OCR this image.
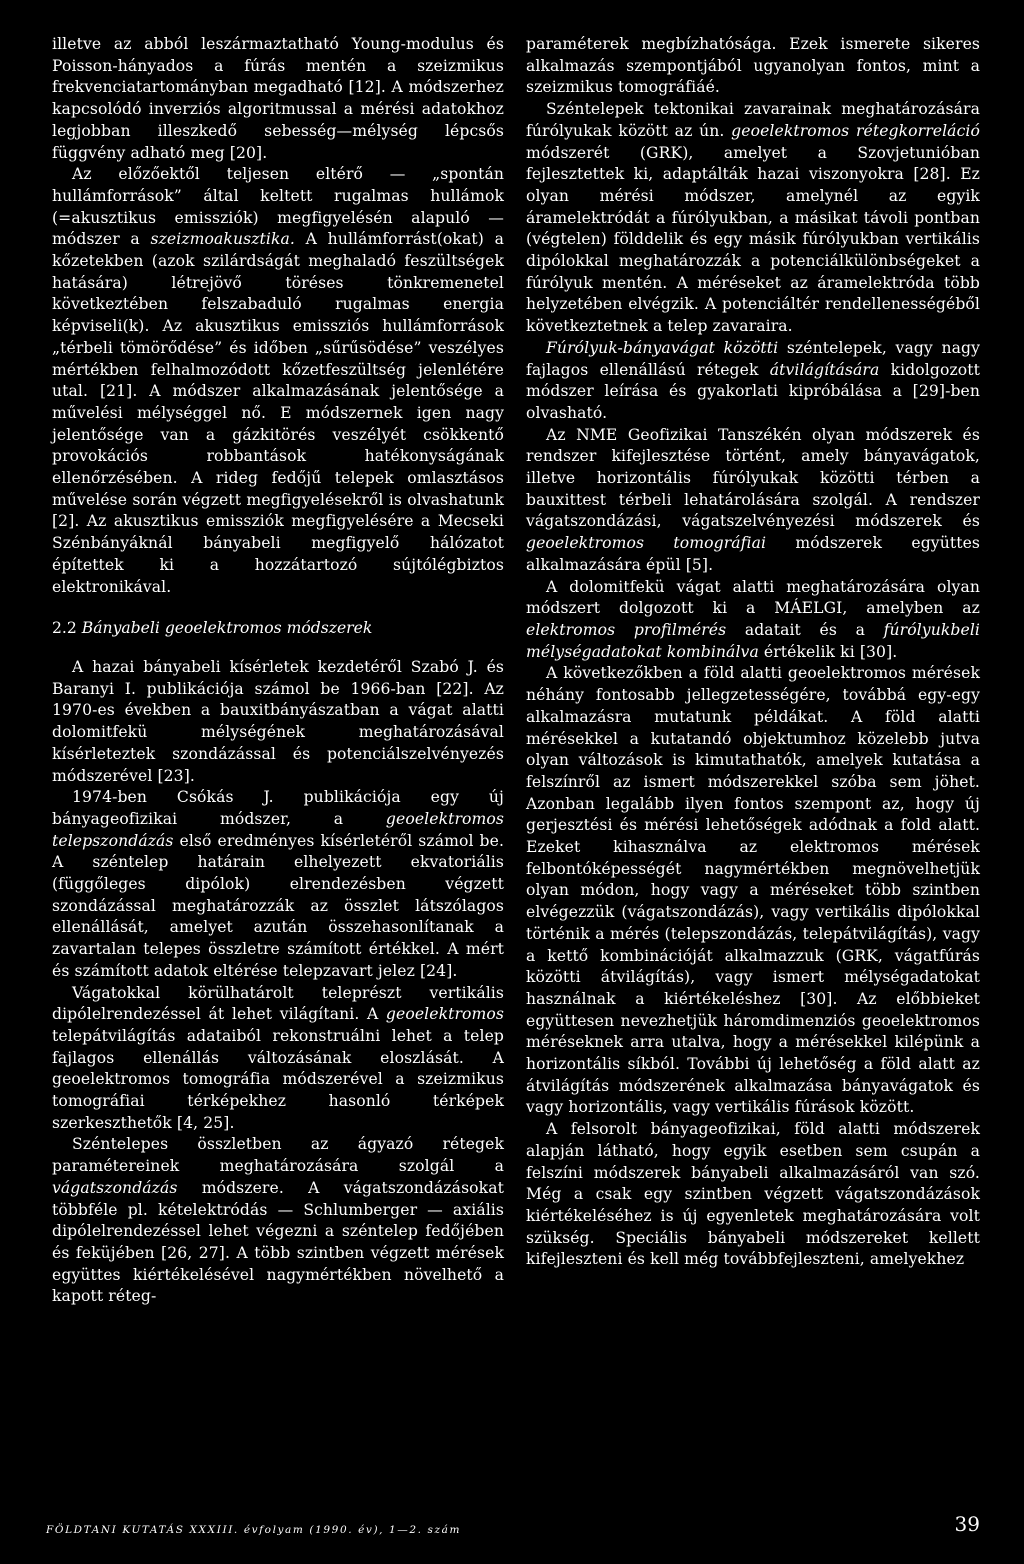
illetve az abból leszármaztatható Young-modulus és Poisson-hányados a fúrás mentén a szeizmikus frekvenciatartományban megadható [12]. A módszerhez kapcsolódó inverziós algoritmussal a mérési adatokhoz legjobban illeszkedő sebesség—mélység lépcsős függvény adható meg [20].

Az előzőektől teljesen eltérő — „spontán hullámforrások” által keltett rugalmas hullámok (=akusztikus emissziók) megfigyelésén alapuló — módszer a szeizmoakusztika. A hullámforrást(okat) a kőzetekben (azok szilárdságát meghaladó feszültségek hatására) létrejövő töréses tönkremenetel következtében felszabaduló rugalmas energia képviseli(k). Az akusztikus emissziós hullámforrások „térbeli tömörődése” és időben „sűrűsödése” veszélyes mértékben felhalmozódott kőzetfeszültség jelenlétére utal. [21]. A módszer alkalmazásának jelentősége a művelési mélységgel nő. E módszernek igen nagy jelentősége van a gázkitörés veszélyét csökkentő provokációs robbantások hatékonyságának ellenőrzésében. A rideg fedőjű telepek omlasztásos művelése során végzett megfigyelésekről is olvashatunk [2]. Az akusztikus emissziók megfigyelésére a Mecseki Szénbányáknál bányabeli megfigyelő hálózatot építettek ki a hozzátartozó sújtólégbiztos elektronikával.

2.2 Bányabeli geoelektromos módszerek

A hazai bányabeli kísérletek kezdetéről Szabó J. és Baranyi I. publikációja számol be 1966-ban [22]. Az 1970-es években a bauxitbányászatban a vágat alatti dolomitfekü mélységének meghatározásával kísérleteztek szondázással és potenciálszelvényezés módszerével [23].

1974-ben Csókás J. publikációja egy új bányageofizikai módszer, a geoelektromos telepszondázás első eredményes kísérletéről számol be. A széntelep határain elhelyezett ekvatoriális (függőleges dipólok) elrendezésben végzett szondázással meghatározzák az összlet látszólagos ellenállását, amelyet azután összehasonlítanak a zavartalan telepes összletre számított értékkel. A mért és számított adatok eltérése telepzavart jelez [24].

Vágatokkal körülhatárolt teleprészt vertikális dipólelrendezéssel át lehet világítani. A geoelektromos telepátvilágítás adataiból rekonstruálni lehet a telep fajlagos ellenállás változásának eloszlását. A geoelektromos tomográfia módszerével a szeizmikus tomográfiai térképekhez hasonló térképek szerkeszthetők [4, 25].

Széntelepes összletben az ágyazó rétegek paramétereinek meghatározására szolgál a vágatszondázás módszere. A vágatszondázásokat többféle pl. kételektródás — Schlumberger — axiális dipólelrendezéssel lehet végezni a széntelep fedőjében és feküjében [26, 27]. A több szintben végzett mérések együttes kiértékelésével nagymértékben növelhető a kapott réteg-

paraméterek megbízhatósága. Ezek ismerete sikeres alkalmazás szempontjából ugyanolyan fontos, mint a szeizmikus tomográfiáé.

Széntelepek tektonikai zavarainak meghatározására fúrólyukak között az ún. geoelektromos rétegkorreláció módszerét (GRK), amelyet a Szovjetunióban fejlesztettek ki, adaptálták hazai viszonyokra [28]. Ez olyan mérési módszer, amelynél az egyik áramelektródát a fúrólyukban, a másikat távoli pontban (végtelen) földdelik és egy másik fúrólyukban vertikális dipólokkal meghatározzák a potenciálkülönbségeket a fúrólyuk mentén. A méréseket az áramelektróda több helyzetében elvégzik. A potenciáltér rendellenességéből következtetnek a telep zavaraira.

Fúrólyuk-bányavágat közötti széntelepek, vagy nagy fajlagos ellenállású rétegek átvilágítására kidolgozott módszer leírása és gyakorlati kipróbálása a [29]-ben olvasható.

Az NME Geofizikai Tanszékén olyan módszerek és rendszer kifejlesztése történt, amely bányavágatok, illetve horizontális fúrólyukak közötti térben a bauxittest térbeli lehatárolására szolgál. A rendszer vágatszondázási, vágatszelvényezési módszerek és geoelektromos tomográfiai módszerek együttes alkalmazására épül [5].

A dolomitfekü vágat alatti meghatározására olyan módszert dolgozott ki a MÁELGI, amelyben az elektromos profilmérés adatait és a fúrólyukbeli mélységadatokat kombinálva értékelik ki [30].

A következőkben a föld alatti geoelektromos mérések néhány fontosabb jellegzetességére, továbbá egy-egy alkalmazásra mutatunk példákat. A föld alatti mérésekkel a kutatandó objektumhoz közelebb jutva olyan változások is kimutathatók, amelyek kutatása a felszínről az ismert módszerekkel szóba sem jöhet. Azonban legalább ilyen fontos szempont az, hogy új gerjesztési és mérési lehetőségek adódnak a fold alatt. Ezeket kihasználva az elektromos mérések felbontóképességét nagymértékben megnövelhetjük olyan módon, hogy vagy a méréseket több szintben elvégezzük (vágatszondázás), vagy vertikális dipólokkal történik a mérés (telepszondázás, telepátvilágítás), vagy a kettő kombinációját alkalmazzuk (GRK, vágatfúrás közötti átvilágítás), vagy ismert mélységadatokat használnak a kiértékeléshez [30]. Az előbbieket együttesen nevezhetjük háromdimenziós geoelektromos méréseknek arra utalva, hogy a mérésekkel kilépünk a horizontális síkból. További új lehetőség a föld alatt az átvilágítás módszerének alkalmazása bányavágatok és vagy horizontális, vagy vertikális fúrások között.

A felsorolt bányageofizikai, föld alatti módszerek alapján látható, hogy egyik esetben sem csupán a felszíni módszerek bányabeli alkalmazásáról van szó. Még a csak egy szintben végzett vágatszondázások kiértékeléséhez is új egyenletek meghatározására volt szükség. Speciális bányabeli módszereket kellett kifejleszteni és kell még továbbfejleszteni, amelyekhez

FÖLDTANI KUTATÁS XXXIII. évfolyam (1990. év), 1—2. szám	39
